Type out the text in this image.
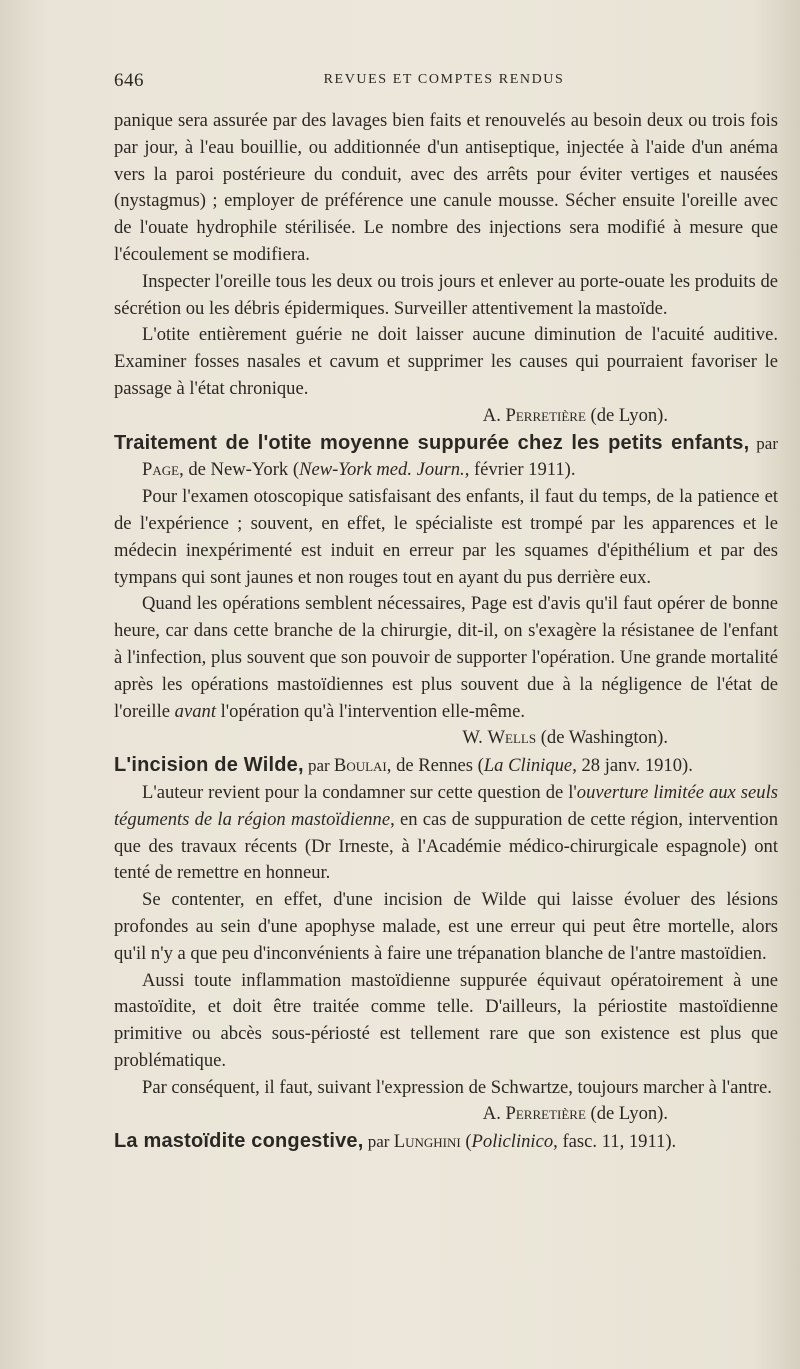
646	REVUES ET COMPTES RENDUS

panique sera assurée par des lavages bien faits et renouvelés au besoin deux ou trois fois par jour, à l'eau bouillie, ou additionnée d'un antiseptique, injectée à l'aide d'un anéma vers la paroi postérieure du conduit, avec des arrêts pour éviter vertiges et nausées (nystagmus) ; employer de préférence une canule mousse. Sécher ensuite l'oreille avec de l'ouate hydrophile stérilisée. Le nombre des injections sera modifié à mesure que l'écoulement se modifiera.

Inspecter l'oreille tous les deux ou trois jours et enlever au porte-ouate les produits de sécrétion ou les débris épidermiques. Surveiller attentivement la mastoïde.

L'otite entièrement guérie ne doit laisser aucune diminution de l'acuité auditive. Examiner fosses nasales et cavum et supprimer les causes qui pourraient favoriser le passage à l'état chronique.

A. Perretière (de Lyon).

Traitement de l'otite moyenne suppurée chez les petits enfants, par Page, de New-York (New-York med. Journ., février 1911).

Pour l'examen otoscopique satisfaisant des enfants, il faut du temps, de la patience et de l'expérience ; souvent, en effet, le spécialiste est trompé par les apparences et le médecin inexpérimenté est induit en erreur par les squames d'épithélium et par des tympans qui sont jaunes et non rouges tout en ayant du pus derrière eux.

Quand les opérations semblent nécessaires, Page est d'avis qu'il faut opérer de bonne heure, car dans cette branche de la chirurgie, dit-il, on s'exagère la résistanee de l'enfant à l'infection, plus souvent que son pouvoir de supporter l'opération. Une grande mortalité après les opérations mastoïdiennes est plus souvent due à la négligence de l'état de l'oreille avant l'opération qu'à l'intervention elle-même.

W. Wells (de Washington).

L'incision de Wilde, par Boulai, de Rennes (La Clinique, 28 janv. 1910).

L'auteur revient pour la condamner sur cette question de l'ouverture limitée aux seuls téguments de la région mastoïdienne, en cas de suppuration de cette région, intervention que des travaux récents (Dr Irneste, à l'Académie médico-chirurgicale espagnole) ont tenté de remettre en honneur.

Se contenter, en effet, d'une incision de Wilde qui laisse évoluer des lésions profondes au sein d'une apophyse malade, est une erreur qui peut être mortelle, alors qu'il n'y a que peu d'inconvénients à faire une trépanation blanche de l'antre mastoïdien.

Aussi toute inflammation mastoïdienne suppurée équivaut opératoirement à une mastoïdite, et doit être traitée comme telle. D'ailleurs, la périostite mastoïdienne primitive ou abcès sous-périosté est tellement rare que son existence est plus que problématique.

Par conséquent, il faut, suivant l'expression de Schwartze, toujours marcher à l'antre.

A. Perretière (de Lyon).

La mastoïdite congestive, par Lunghini (Policlinico, fasc. 11, 1911).
